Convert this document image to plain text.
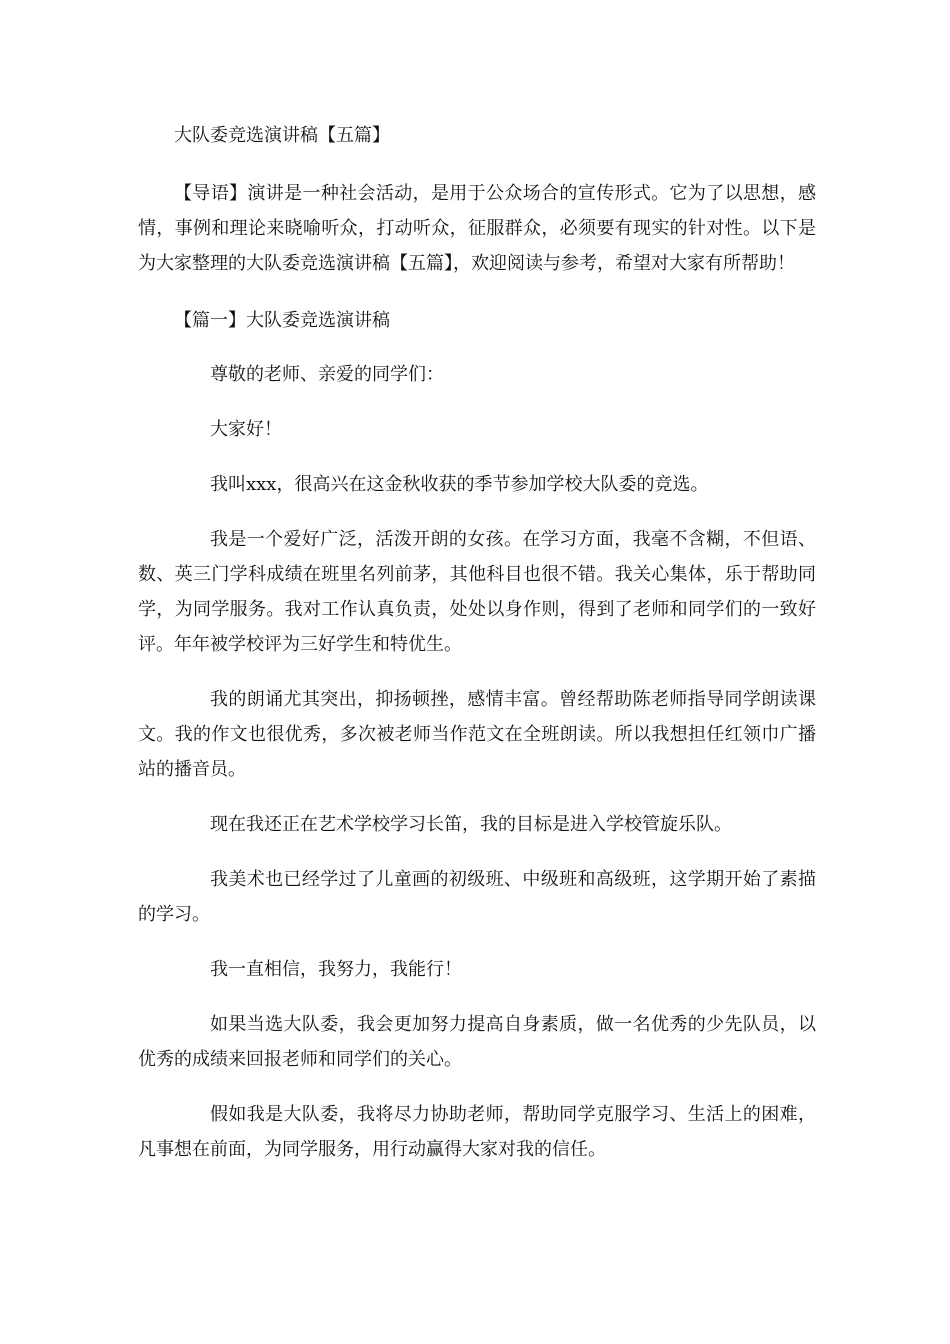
大队委竞选演讲稿【五篇】

【导语】演讲是一种社会活动，是用于公众场合的宣传形式。它为了以思想，感情，事例和理论来晓喻听众，打动听众，征服群众，必须要有现实的针对性。以下是为大家整理的大队委竞选演讲稿【五篇】，欢迎阅读与参考，希望对大家有所帮助！

【篇一】大队委竞选演讲稿

尊敬的老师、亲爱的同学们：

大家好！

我叫xxx，很高兴在这金秋收获的季节参加学校大队委的竞选。

我是一个爱好广泛，活泼开朗的女孩。在学习方面，我毫不含糊，不但语、数、英三门学科成绩在班里名列前茅，其他科目也很不错。我关心集体，乐于帮助同学，为同学服务。我对工作认真负责，处处以身作则，得到了老师和同学们的一致好评。年年被学校评为三好学生和特优生。

我的朗诵尤其突出，抑扬顿挫，感情丰富。曾经帮助陈老师指导同学朗读课文。我的作文也很优秀，多次被老师当作范文在全班朗读。所以我想担任红领巾广播站的播音员。

现在我还正在艺术学校学习长笛，我的目标是进入学校管旋乐队。

我美术也已经学过了儿童画的初级班、中级班和高级班，这学期开始了素描的学习。

我一直相信，我努力，我能行！

如果当选大队委，我会更加努力提高自身素质，做一名优秀的少先队员，以优秀的成绩来回报老师和同学们的关心。

假如我是大队委，我将尽力协助老师，帮助同学克服学习、生活上的困难，凡事想在前面，为同学服务，用行动赢得大家对我的信任。
